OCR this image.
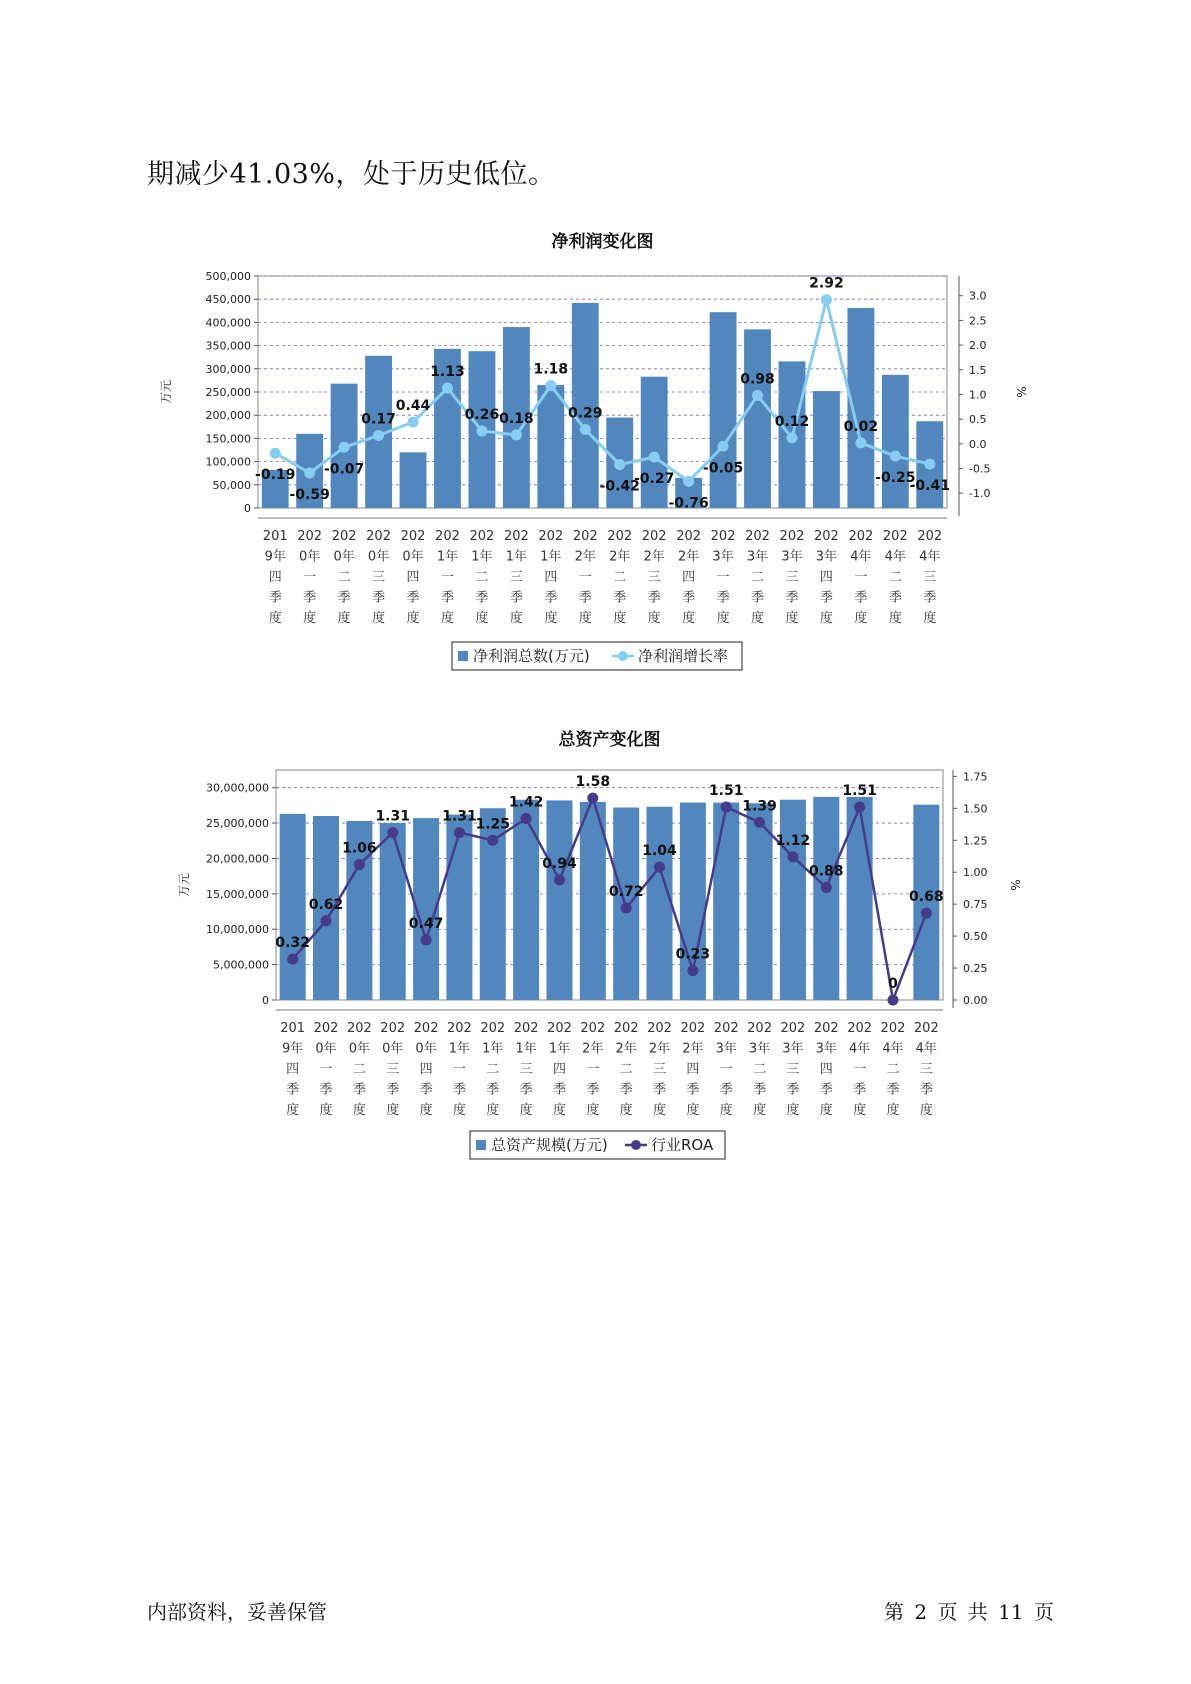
期减少41.03%，处于历史低位。
净利润变化图
0
50,000
100,000
150,000
200,000
250,000
300,000
350,000
400,000
450,000
500,000
-1.0
-0.5
0.0
0.5
1.0
1.5
2.0
2.5
3.0
万元	%
201
9年
四
季
度
202
0年
一
季
度
202
0年
二
季
度
202
0年
三
季
度
202
0年
四
季
度
202
1年
一
季
度
202
1年
二
季
度
202
1年
三
季
度
202
1年
四
季
度
202
2年
一
季
度
202
2年
二
季
度
202
2年
三
季
度
202
2年
四
季
度
202
3年
一
季
度
202
3年
二
季
度
202
3年
三
季
度
202
3年
四
季
度
202
4年
一
季
度
202
4年
二
季
度
202
4年
三
季
度
-0.19
-0.59
-0.07
0.17
0.44
1.13
0.26 0.18
1.18
0.29
-0.42
-0.27
-0.76
-0.05
0.98
0.12
2.92
0.02
-0.25
-0.41
净利润总数(万元)	净利润增长率
总资产变化图
0
5,000,000
10,000,000
15,000,000
20,000,000
25,000,000
30,000,000
0.00
0.25
0.50
0.75
1.00
1.25
1.50
1.75
万元	%
201
9年
四
季
度
202
0年
一
季
度
202
0年
二
季
度
202
0年
三
季
度
202
0年
四
季
度
202
1年
一
季
度
202
1年
二
季
度
202
1年
三
季
度
202
1年
四
季
度
202
2年
一
季
度
202
2年
二
季
度
202
2年
三
季
度
202
2年
四
季
度
202
3年
一
季
度
202
3年
二
季
度
202
3年
三
季
度
202
3年
四
季
度
202
4年
一
季
度
202
4年
二
季
度
202
4年
三
季
度
0.32
0.62
1.06
1.31
0.47
1.31
1.25
1.42
0.94
1.58
0.72
1.04
0.23
1.51
1.39
1.12
0.88
1.51
0
0.68
总资产规模(万元)	行业ROA
内部资料，妥善保管	第 2 页 共 11 页
